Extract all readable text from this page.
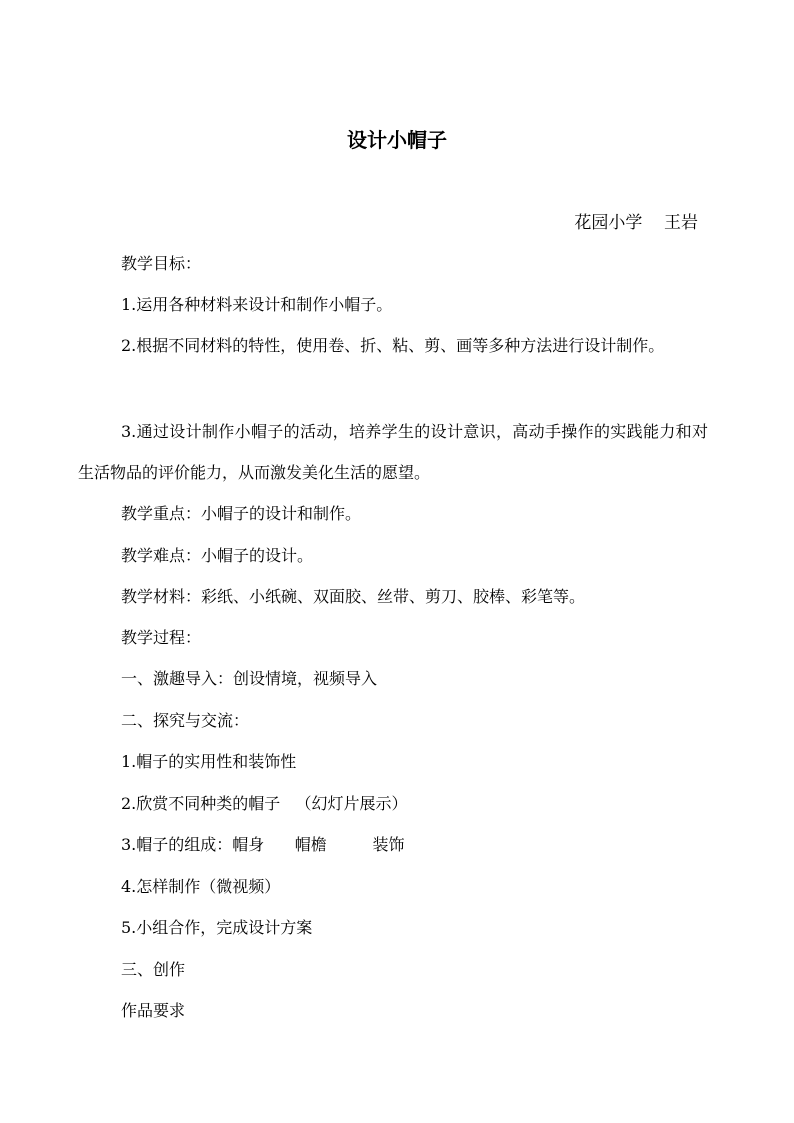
设计小帽子
花园小学    王岩

教学目标：

1.运用各种材料来设计和制作小帽子。

2.根据不同材料的特性，使用卷、折、粘、剪、画等多种方法进行设计制作。

3.通过设计制作小帽子的活动，培养学生的设计意识，高动手操作的实践能力和对生活物品的评价能力，从而激发美化生活的愿望。

教学重点：小帽子的设计和制作。

教学难点：小帽子的设计。

教学材料：彩纸、小纸碗、双面胶、丝带、剪刀、胶棒、彩笔等。

教学过程：

一、激趣导入：创设情境，视频导入

二、探究与交流：

1.帽子的实用性和装饰性

2.欣赏不同种类的帽子   （幻灯片展示）

3.帽子的组成：帽身      帽檐         装饰

4.怎样制作（微视频）

5.小组合作，完成设计方案

三、创作

作品要求
